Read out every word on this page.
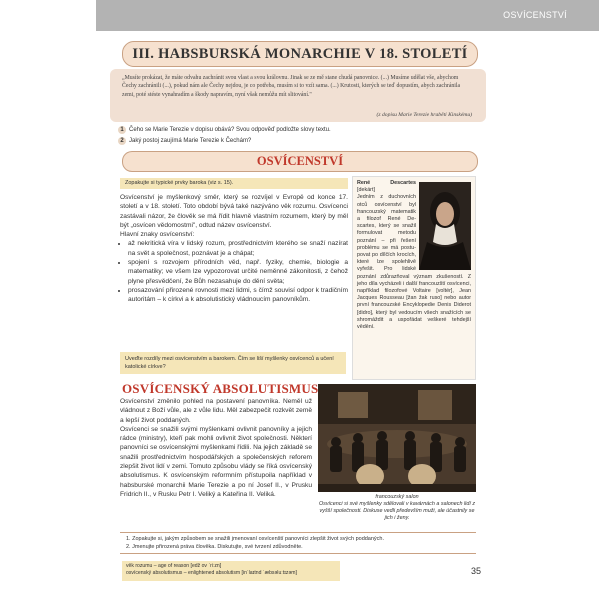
OSVÍCENSTVÍ
III. HABSBURSKÁ MONARCHIE V 18. STOLETÍ
„Musíte prokázat, že máte odvahu zachránit svou vlast a svou královnu. Jinak se ze mě stane chudá panovnice. (...) Musíme udělat vše, abychom Čechy zachránili (...), pokud nám ale Čechy nejdou, je co potřeba, musím si to vzít sama. (...) Krutosti, kterých se teď dopustím, abych zachránila zemi, poté stéste vynahradím a škody napravím, nyní však nemůžu mít slitování."
(z dopisu Marie Terezie hraběti Kinskému)
1 Čeho se Marie Terezie v dopisu obává? Svou odpověď podložte slovy textu.
2 Jaký postoj zaujímá Marie Terezie k Čechám?
OSVÍCENSTVÍ
Zopakujte si typické prvky baroka (viz s. 15).
Osvícenství je myšlenkový směr, který se rozvíjel v Evropě od konce 17. století a v 18. století. Toto období bývá také nazýváno věk rozumu. Osvícenci zastávali názor, že člověk se má řídit hlavně vlastním rozumem, který by měl být „osvícen vědomostmi", odtud název osvícenství.
Hlavní znaky osvícenství:
• až nekritická víra v lidský rozum, prostřednictvím kterého se snaží nazírat na svět a společnost, poznávat je a chápat;
• spojení s rozvojem přírodních věd, např. fyziky, chemie, biologie a matematiky; ve všem lze vypozorovat určité neměnné zákonitosti, z čehož plyne přesvědčení, že Bůh nezasahuje do dění světa;
• prosazování přirozené rovnosti mezi lidmi, s čímž souvisí odpor k tradičním autoritám – k církvi a k absolutistický vládnoucím panovníkům.
Uveďte rozdíly mezi osvícenstvím a barokem. Čím se liší myšlenky osvícenců a učení katolické církve?
René Descartes [dekárt]
Jedním z duchovních otců osvícenství byl francouzský matematik a filozof René Descartes, který se snažil formulovat metodu poznání – při řešení problému se má postupovat po dílčích krocích, které lze spolehlivě vyřešit. Pro lidské poznání zdůrazňoval význam zkušeností. Z jeho díla vycházeli i další francouzští osvícenci, například filozofové Voltaire [voltér], Jean Jacques Rousseau [žan žak ruso] nebo autor první francouzské Encyklopedie Denis Diderot [didro], který byl vedoucím všech snažících se shromáždit a uspořádat veškeré tehdejší vědění.
OSVÍCENSKÝ ABSOLUTISMUS
Osvícenství změnilo pohled na postavení panovníka. Neměl už vládnout z Boží vůle, ale z vůle lidu. Měl zabezpečit rozkvět země a lepší život poddaných.
Osvícenci se snažili svými myšlenkami ovlivnit panovníky a jejich rádce (ministry), kteří pak mohli ovlivnit život společnosti. Některí panovníci se osvícenskými myšlenkami řídili. Na jejich základě se snažili prostřednictvím hospodářských a společenských reforem zlepšit život lidí v zemi. Tomuto způsobu vlády se říká osvícenský absolutismus. K osvícenským reformním přístupoila například v habsburské monarchii Marie Terezie a po ní Josef II., v Prusku Fridrich II., v Rusku Petr I. Veliký a Kateřina II. Veliká.	francouzský salon
Osvícenci si své myšlenky sdělovali v kavárnách a salonech lidí z vyšší společnosti. Diskuse vedli především muži, ale účastnily se jich i ženy.
1. Zopakujte si, jakým způsobem se snažili jmenovaní osvícenští panovníci zlepšit život svých poddaných.
2. Jmenujte přirozená práva člověka. Diskutujte, své tvrzení zdůvodněte.
věk rozumu – age of reason [edž ov ˈriːzn]
osvícenský absolutismus – enlightened absolutism [inˈlaɪtnd ˈæbsəluːtɪzəm]	35
